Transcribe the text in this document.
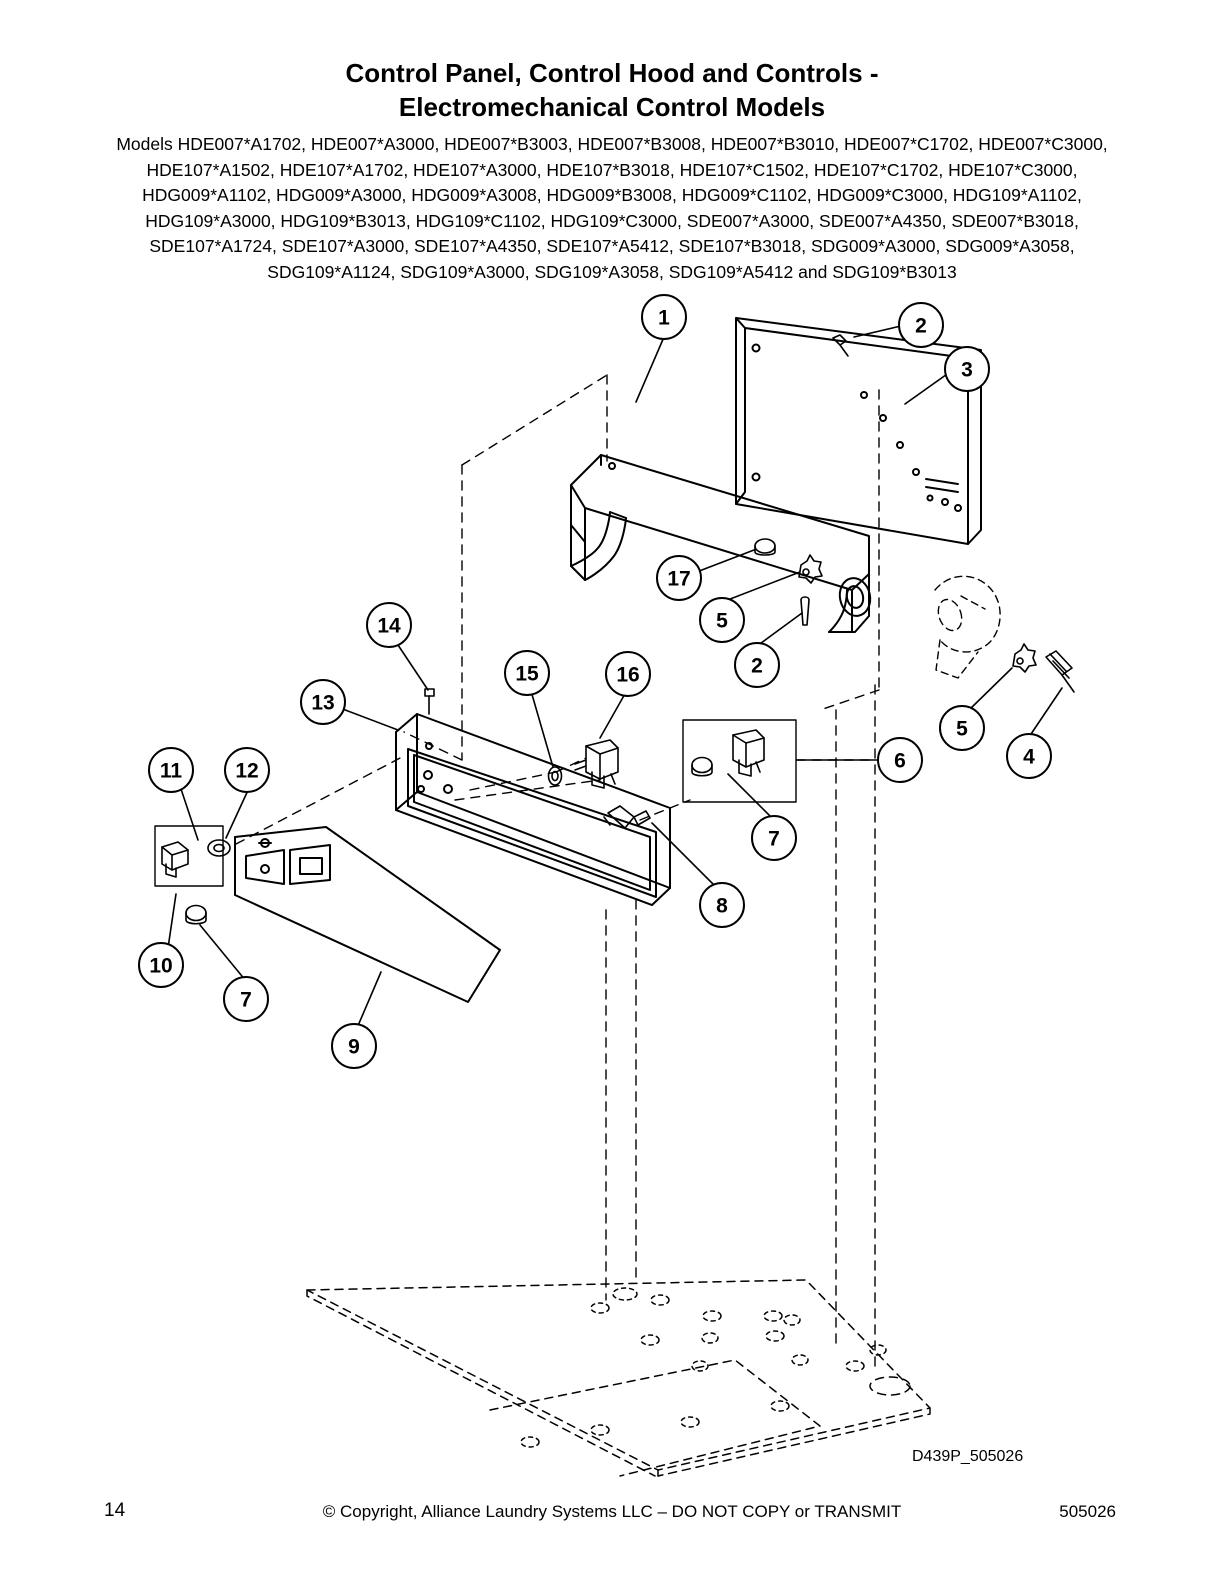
Control Panel, Control Hood and Controls -
Electromechanical Control Models
Models HDE007*A1702, HDE007*A3000, HDE007*B3003, HDE007*B3008, HDE007*B3010, HDE007*C1702, HDE007*C3000, HDE107*A1502, HDE107*A1702, HDE107*A3000, HDE107*B3018, HDE107*C1502, HDE107*C1702, HDE107*C3000, HDG009*A1102, HDG009*A3000, HDG009*A3008, HDG009*B3008, HDG009*C1102, HDG009*C3000, HDG109*A1102, HDG109*A3000, HDG109*B3013, HDG109*C1102, HDG109*C3000, SDE007*A3000, SDE007*A4350, SDE007*B3018, SDE107*A1724, SDE107*A3000, SDE107*A4350, SDE107*A5412, SDE107*B3018, SDG009*A3000, SDG009*A3058, SDG109*A1124, SDG109*A3000, SDG109*A3058, SDG109*A5412 and SDG109*B3013
1	2
3
17
5
2
5
4
14
15	16
13
6
7
11	12
8
10
7
9
D439P_505026
14	© Copyright, Alliance Laundry Systems LLC – DO NOT COPY or TRANSMIT	505026
